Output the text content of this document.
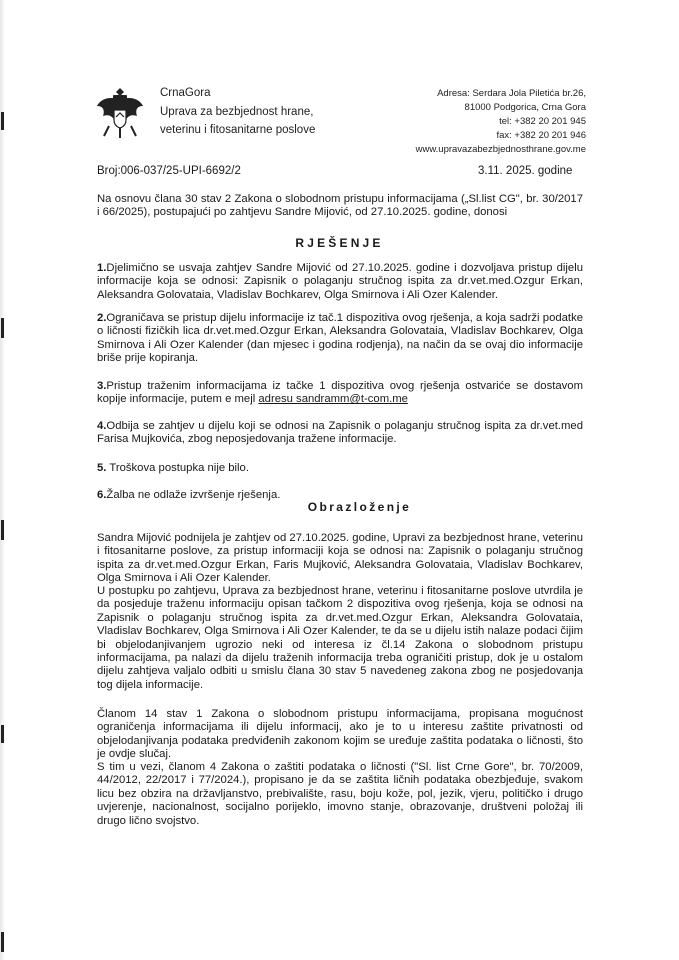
CrnaGora
Uprava za bezbjednost hrane,
veterinu i fitosanitarne poslove
Adresa: Serdara Jola Piletića br.26,
81000 Podgorica, Crna Gora
tel: +382 20 201 945
fax: +382 20 201 946
www.upravazabezbjednosthrane.gov.me
Broj:006-037/25-UPI-6692/2	3.11. 2025. godine
Na osnovu člana 30 stav 2 Zakona o slobodnom pristupu informacijama („Sl.list CG", br. 30/2017 i 66/2025), postupajući po zahtjevu Sandre Mijović, od 27.10.2025. godine, donosi
RJEŠENJE
1.Djelimično se usvaja zahtjev Sandre Mijović od 27.10.2025. godine i dozvoljava pristup dijelu informacije koja se odnosi: Zapisnik o polaganju stručnog ispita za dr.vet.med.Ozgur Erkan, Aleksandra Golovataia, Vladislav Bochkarev, Olga Smirnova i Ali Ozer Kalender.
2.Ograničava se pristup dijelu informacije iz tač.1 dispozitiva ovog rješenja, a koja sadrži podatke o ličnosti fizičkih lica dr.vet.med.Ozgur Erkan, Aleksandra Golovataia, Vladislav Bochkarev, Olga Smirnova i Ali Ozer Kalender (dan mjesec i godina rodjenja), na način da se ovaj dio informacije briše prije kopiranja.
3.Pristup traženim informacijama iz tačke 1 dispozitiva ovog rješenja ostvariće se dostavom kopije informacije, putem e mejl adresu sandramm@t-com.me
4.Odbija se zahtjev u dijelu koji se odnosi na Zapisnik o polaganju stručnog ispita za dr.vet.med Farisa Mujkovića, zbog neposjedovanja tražene informacije.
5. Troškova postupka nije bilo.
6.Žalba ne odlaže izvršenje rješenja.
Obrazloženje
Sandra Mijović podnijela je zahtjev od 27.10.2025. godine, Upravi za bezbjednost hrane, veterinu i fitosanitarne poslove, za pristup informaciji koja se odnosi na: Zapisnik o polaganju stručnog ispita za dr.vet.med.Ozgur Erkan, Faris Mujković, Aleksandra Golovataia, Vladislav Bochkarev, Olga Smirnova i Ali Ozer Kalender.
U postupku po zahtjevu, Uprava za bezbjednost hrane, veterinu i fitosanitarne poslove utvrdila je da posjeduje traženu informaciju opisan tačkom 2 dispozitiva ovog rješenja, koja se odnosi na Zapisnik o polaganju stručnog ispita za dr.vet.med.Ozgur Erkan, Aleksandra Golovataia, Vladislav Bochkarev, Olga Smirnova i Ali Ozer Kalender, te da se u dijelu istih nalaze podaci čijim bi objelodanjivanjem ugrozio neki od interesa iz čl.14 Zakona o slobodnom pristupu informacijama, pa nalazi da dijelu traženih informacija treba ograničiti pristup, dok je u ostalom dijelu zahtjeva valjalo odbiti u smislu člana 30 stav 5 navedeneg zakona zbog ne posjedovanja tog dijela informacije.
Članom 14 stav 1 Zakona o slobodnom pristupu informacijama, propisana mogućnost ograničenja informacijama ili dijelu informacij, ako je to u interesu zaštite privatnosti od objelodanjivanja podataka predviđenih zakonom kojim se uređuje zaštita podataka o ličnosti, što je ovdje slučaj.
S tim u vezi, članom 4 Zakona o zaštiti podataka o ličnosti ("Sl. list Crne Gore", br. 70/2009, 44/2012, 22/2017 i 77/2024.), propisano je da se zaštita ličnih podataka obezbjeđuje, svakom licu bez obzira na državljanstvo, prebivalište, rasu, boju kože, pol, jezik, vjeru, političko i drugo uvjerenje, nacionalnost, socijalno porijeklo, imovno stanje, obrazovanje, društveni položaj ili drugo lično svojstvo.
